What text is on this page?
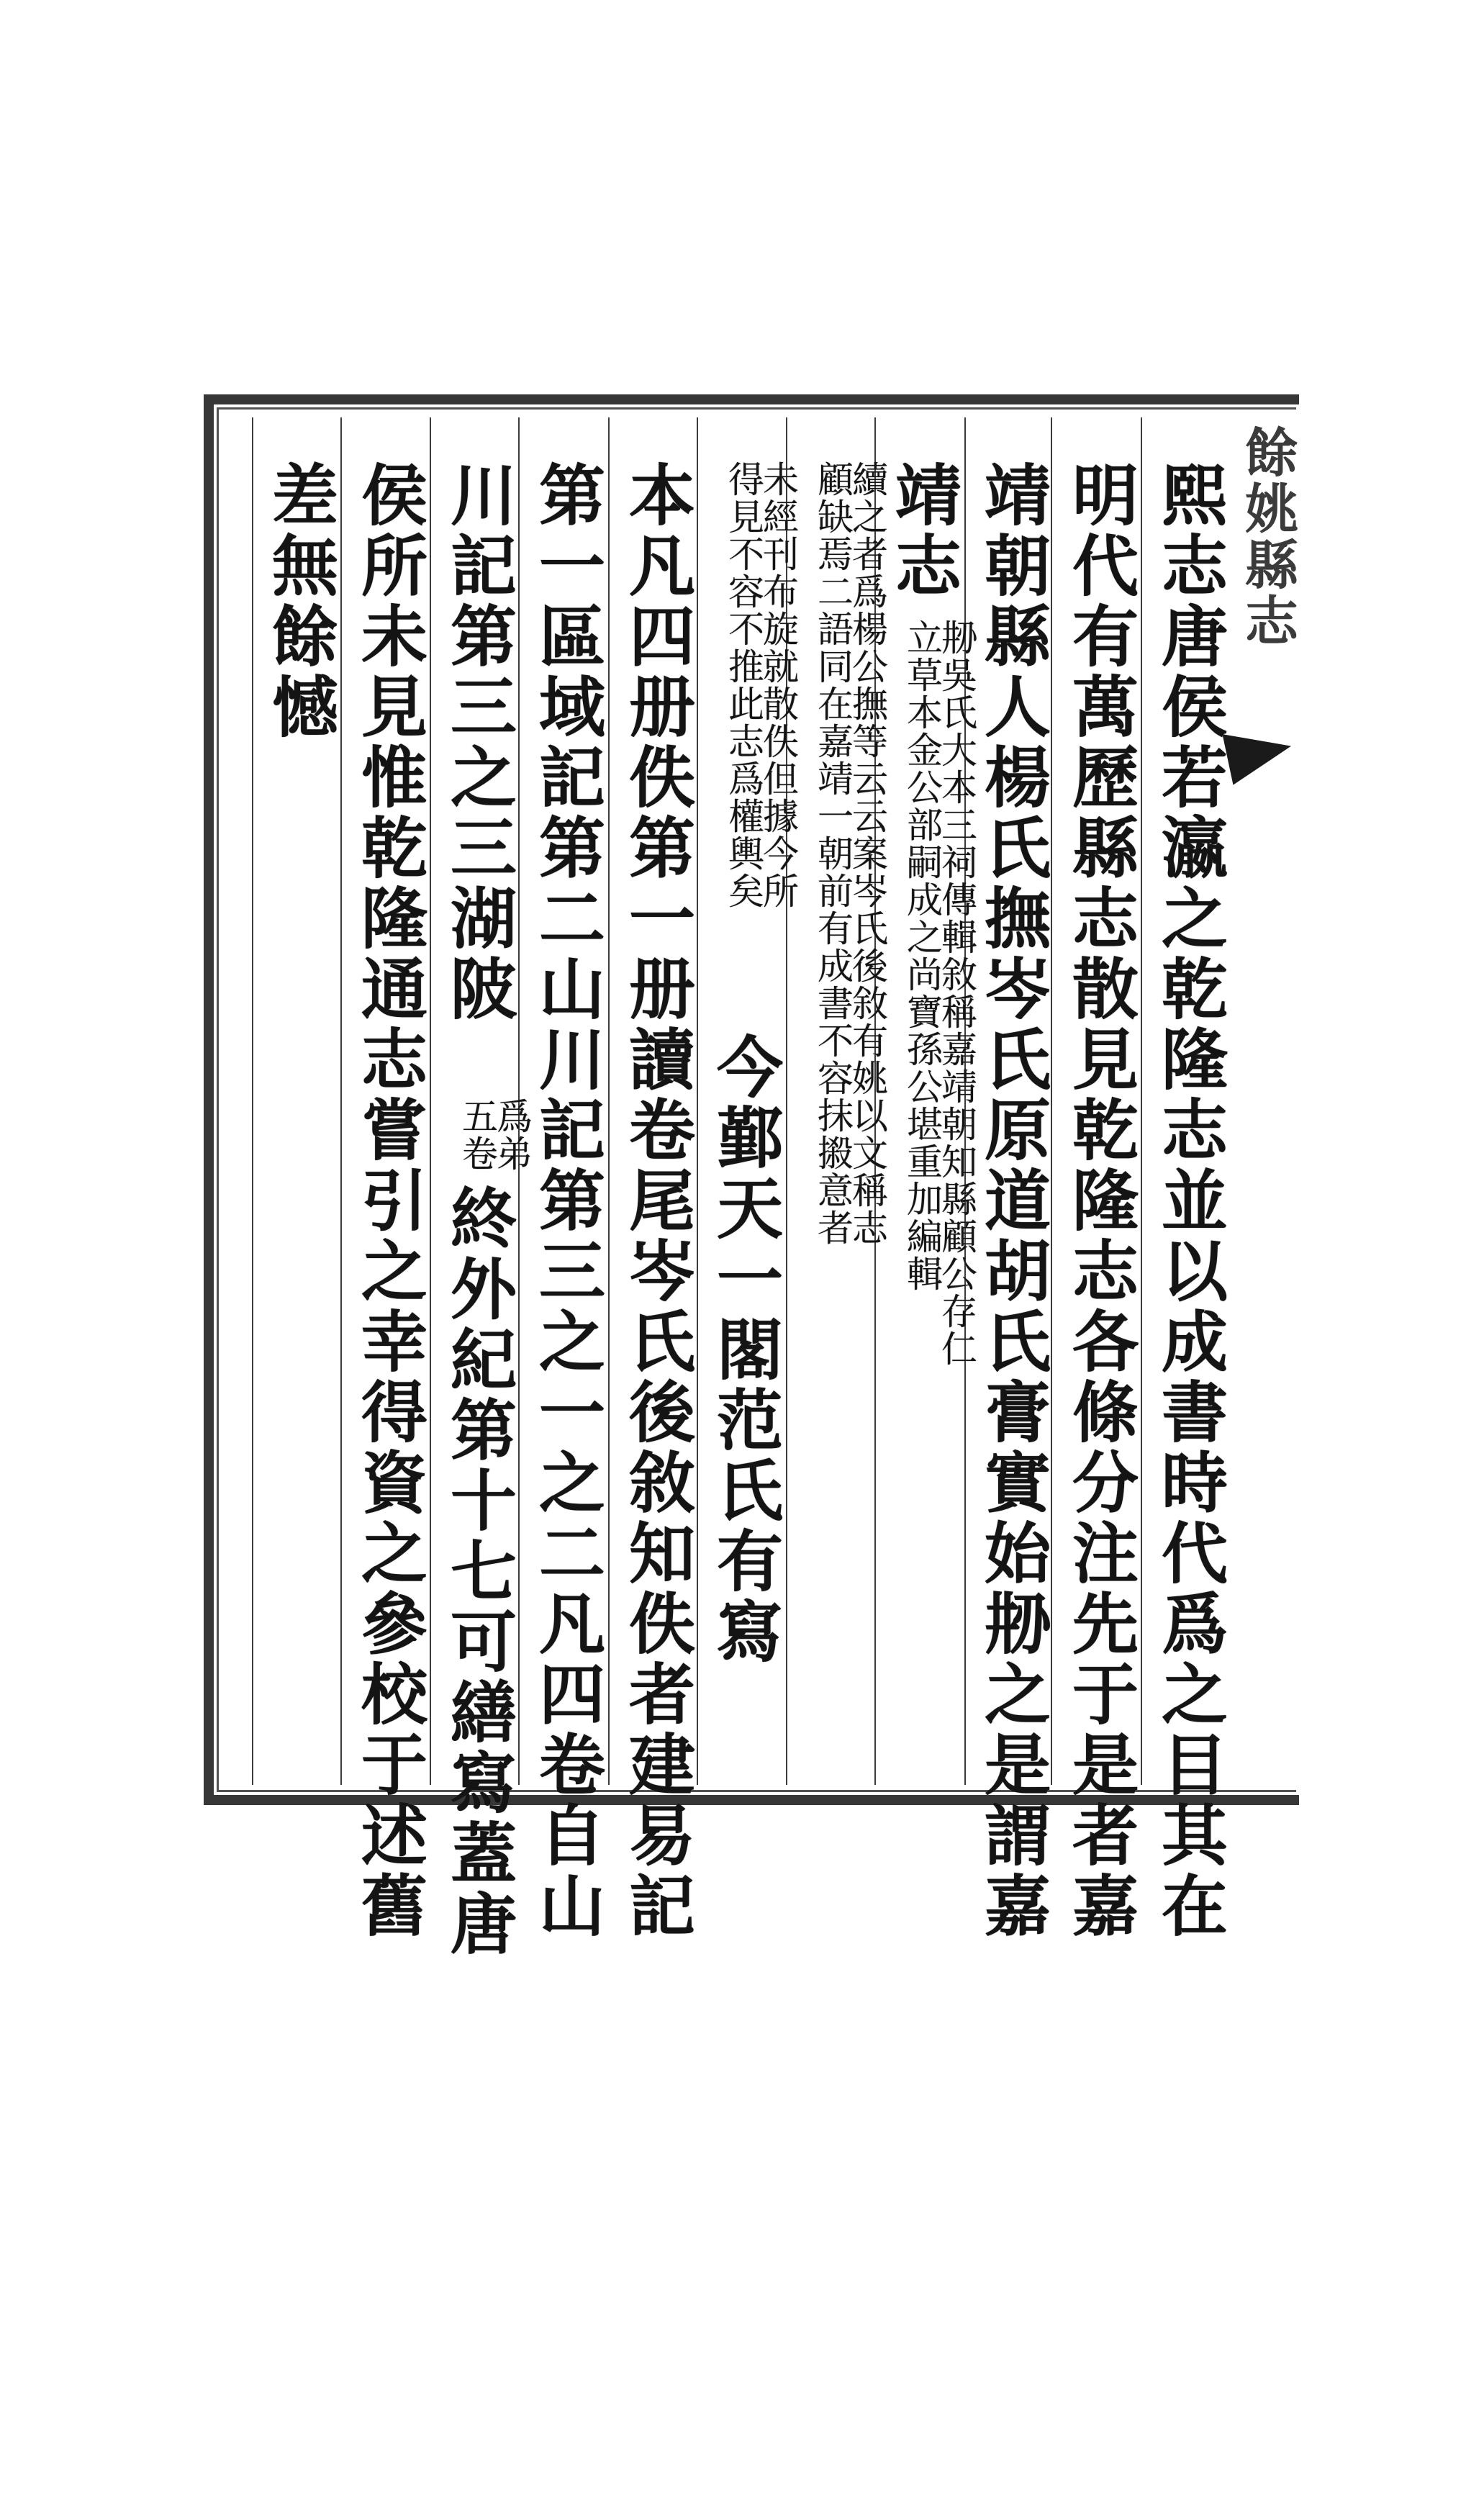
餘姚縣志
熙志唐侯若瀛之乾隆志並以成書時代爲之目其在
明代有萬歷縣志散見乾隆志各條分注先于是者嘉
靖朝縣人楊氏撫岑氏原道胡氏膏實始刱之是謂嘉
靖志
刱吳氏大本三祠傳輯敘稱嘉靖朝知縣顧公存仁
立草本金公部嗣成之尚寶孫公堪重加編輯
續之者爲楊公撫等云云案岑氏後敘有姚以文稱志
顧缺焉二語同在嘉靖一朝前有成書不容抹摋意者
未經刊布旋就散佚但據今所
得見不容不推此志爲權輿矣
今鄞天一閣范氏有寫
本凡四册佚第一册讀卷尾岑氏後敘知佚者建易記
第一區域記第二山川記第三之一之二凡四卷自山
川記第三之三湖陂
爲弟
五卷
終外紀第十七可繕寫蓋唐
侯所未見惟乾隆通志嘗引之幸得資之參校于述舊
差無餘憾
